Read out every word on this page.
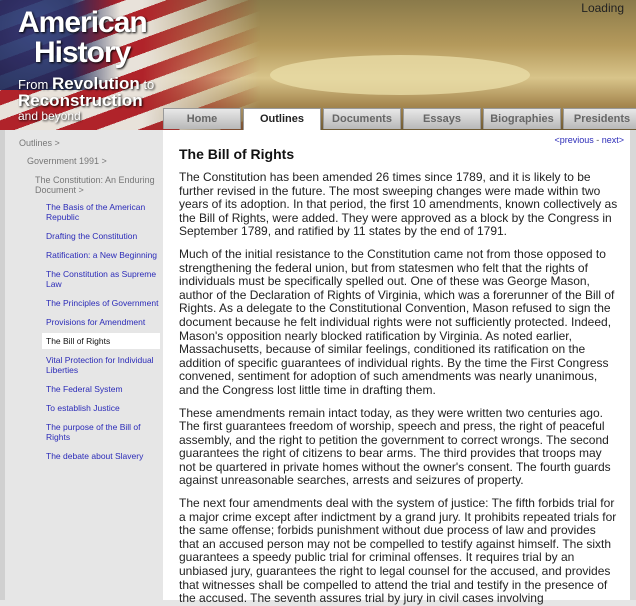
American
History
From Revolution to
Reconstruction
and beyond
Loading
Home	Outlines	Documents	Essays	Biographies	Presidents
Outlines >
Government 1991 >
The Constitution: An Enduring Document >
The Basis of the American Republic
Drafting the Constitution
Ratification: a New Beginning
The Constitution as Supreme Law
The Principles of Government
Provisions for Amendment
The Bill of Rights
Vital Protection for Individual Liberties
The Federal System
To establish Justice
The purpose of the Bill of Rights
The debate about Slavery
<previous - next>
The Bill of Rights

The Constitution has been amended 26 times since 1789, and it is likely to be further revised in the future. The most sweeping changes were made within two years of its adoption. In that period, the first 10 amendments, known collectively as the Bill of Rights, were added. They were approved as a block by the Congress in September 1789, and ratified by 11 states by the end of 1791.

Much of the initial resistance to the Constitution came not from those opposed to strengthening the federal union, but from statesmen who felt that the rights of individuals must be specifically spelled out. One of these was George Mason, author of the Declaration of Rights of Virginia, which was a forerunner of the Bill of Rights. As a delegate to the Constitutional Convention, Mason refused to sign the document because he felt individual rights were not sufficiently protected. Indeed, Mason's opposition nearly blocked ratification by Virginia. As noted earlier, Massachusetts, because of similar feelings, conditioned its ratification on the addition of specific guarantees of individual rights. By the time the First Congress convened, sentiment for adoption of such amendments was nearly unanimous, and the Congress lost little time in drafting them.

These amendments remain intact today, as they were written two centuries ago. The first guarantees freedom of worship, speech and press, the right of peaceful assembly, and the right to petition the government to correct wrongs. The second guarantees the right of citizens to bear arms. The third provides that troops may not be quartered in private homes without the owner's consent. The fourth guards against unreasonable searches, arrests and seizures of property.

The next four amendments deal with the system of justice: The fifth forbids trial for a major crime except after indictment by a grand jury. It prohibits repeated trials for the same offense; forbids punishment without due process of law and provides that an accused person may not be compelled to testify against himself. The sixth guarantees a speedy public trial for criminal offenses. It requires trial by an unbiased jury, guarantees the right to legal counsel for the accused, and provides that witnesses shall be compelled to attend the trial and testify in the presence of the accused. The seventh assures trial by jury in civil cases involving
